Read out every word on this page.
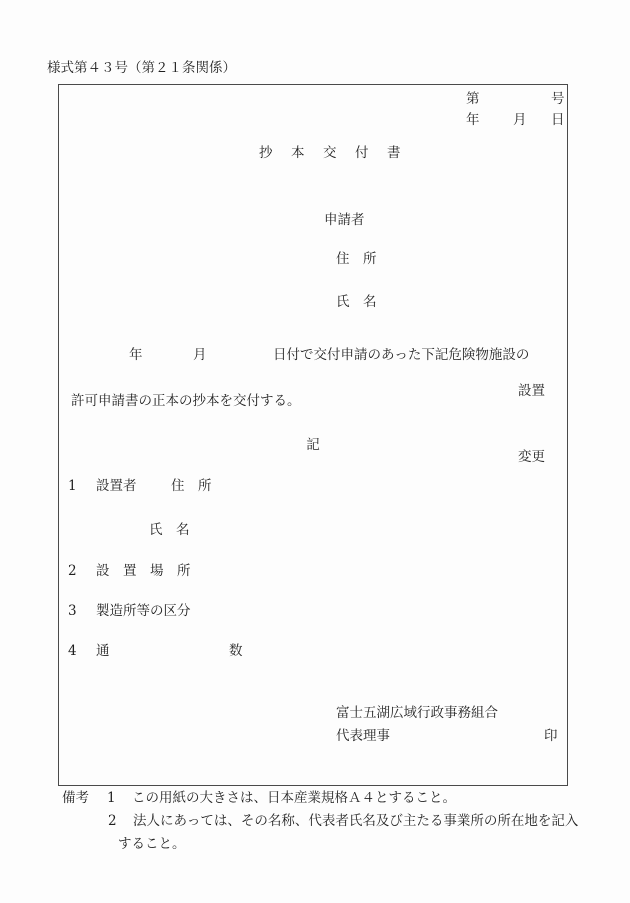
様式第４３号（第２１条関係）
第	号
年 月 日
抄　本　交　付　書
申請者
住　所
氏　名
年	月	日付で交付申請のあった下記危険物施設の

設置

変更

許可申請書の正本の抄本を交付する。
記
1 設置者	住　所
氏　名
2 設　置　場　所
3 製造所等の区分
4 通	数
富士五湖広域行政事務組合
代表理事	印
備考 1 この用紙の大きさは、日本産業規格Ａ４とすること。
2 法人にあっては、その名称、代表者氏名及び主たる事業所の所在地を記入
すること。
